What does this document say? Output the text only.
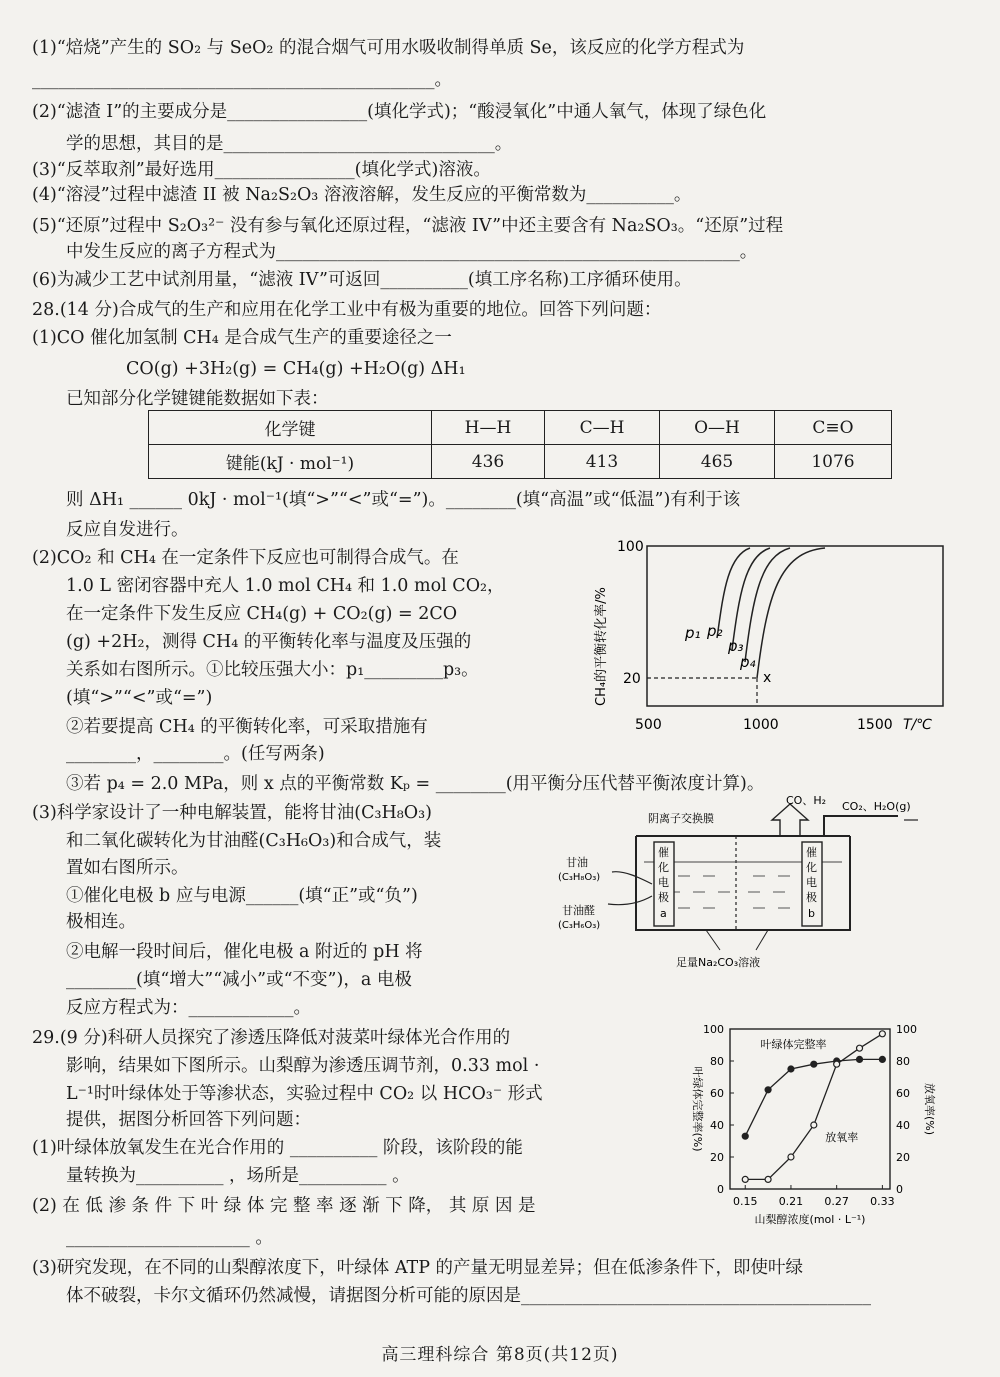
(1)“焙烧”产生的 SO₂ 与 SeO₂ 的混合烟气可用水吸收制得单质 Se，该反应的化学方程式为
______________________________________________。
(2)“滤渣 I”的主要成分是________________(填化学式)；“酸浸氧化”中通人氧气，体现了绿色化
学的思想，其目的是_______________________________。
(3)“反萃取剂”最好选用________________(填化学式)溶液。
(4)“溶浸”过程中滤渣 II 被 Na₂S₂O₃ 溶液溶解，发生反应的平衡常数为__________。
(5)“还原”过程中 S₂O₃²⁻ 没有参与氧化还原过程，“滤液 IV”中还主要含有 Na₂SO₃。“还原”过程
中发生反应的离子方程式为_____________________________________________________。
(6)为减少工艺中试剂用量，“滤液 IV”可返回__________(填工序名称)工序循环使用。
28.(14 分)合成气的生产和应用在化学工业中有极为重要的地位。回答下列问题：
(1)CO 催化加氢制 CH₄ 是合成气生产的重要途径之一
CO(g) +3H₂(g) = CH₄(g) +H₂O(g) ΔH₁
已知部分化学键键能数据如下表：
则 ΔH₁ ______ 0kJ · mol⁻¹(填“>”“<”或“=”)。________(填“高温”或“低温”)有利于该
反应自发进行。
(2)CO₂ 和 CH₄ 在一定条件下反应也可制得合成气。在
1.0 L 密闭容器中充人 1.0 mol CH₄ 和 1.0 mol CO₂，
在一定条件下发生反应 CH₄(g) + CO₂(g) = 2CO
(g) +2H₂，测得 CH₄ 的平衡转化率与温度及压强的
关系如右图所示。①比较压强大小：p₁_________p₃。
(填“>”“<”或“=”)
②若要提高 CH₄ 的平衡转化率，可采取措施有
________，________。(任写两条)
③若 p₄ = 2.0 MPa，则 x 点的平衡常数 Kₚ = ________(用平衡分压代替平衡浓度计算)。
(3)科学家设计了一种电解装置，能将甘油(C₃H₈O₃)
和二氧化碳转化为甘油醛(C₃H₆O₃)和合成气，装
置如右图所示。
①催化电极 b 应与电源______(填“正”或“负”)
极相连。
②电解一段时间后，催化电极 a 附近的 pH 将
________(填“增大”“减小”或“不变”)，a 电极
反应方程式为：____________。
29.(9 分)科研人员探究了渗透压降低对菠菜叶绿体光合作用的
影响，结果如下图所示。山梨醇为渗透压调节剂，0.33 mol ·
L⁻¹时叶绿体处于等渗状态，实验过程中 CO₂ 以 HCO₃⁻ 形式
提供，据图分析回答下列问题：
(1)叶绿体放氧发生在光合作用的 __________ 阶段，该阶段的能
量转换为__________ ，场所是__________ 。
(2) 在 低 渗 条 件 下 叶 绿 体 完 整 率 逐 渐 下 降， 其 原 因 是
_____________________ 。
(3)研究发现，在不同的山梨醇浓度下，叶绿体 ATP 的产量无明显差异；但在低渗条件下，即使叶绿
体不破裂，卡尔文循环仍然减慢，请据图分析可能的原因是________________________________________
化学键	H—H	C—H	O—H	C≡O
键能(kJ · mol⁻¹)	436	413	465	1076
p₁ p₂
p₃
p₄
x
100
20
500	1000	1500 T/℃
CH₄的平衡转化率/%
催化电极 a
催化电极 b
阴离子交换膜
CO、H₂ CO₂、H₂O(g)
甘油
(C₃H₈O₃)
甘油醛
(C₃H₆O₃)
足量Na₂CO₃溶液
0	0
20	20
40	40
60	60
80	80
100	100
0.15 0.21 0.27 0.33
山梨醇浓度(mol · L⁻¹)
叶绿体完整率(%)	放氧率(%)
叶绿体完整率
放氧率
高三理科综合 第8页(共12页)
